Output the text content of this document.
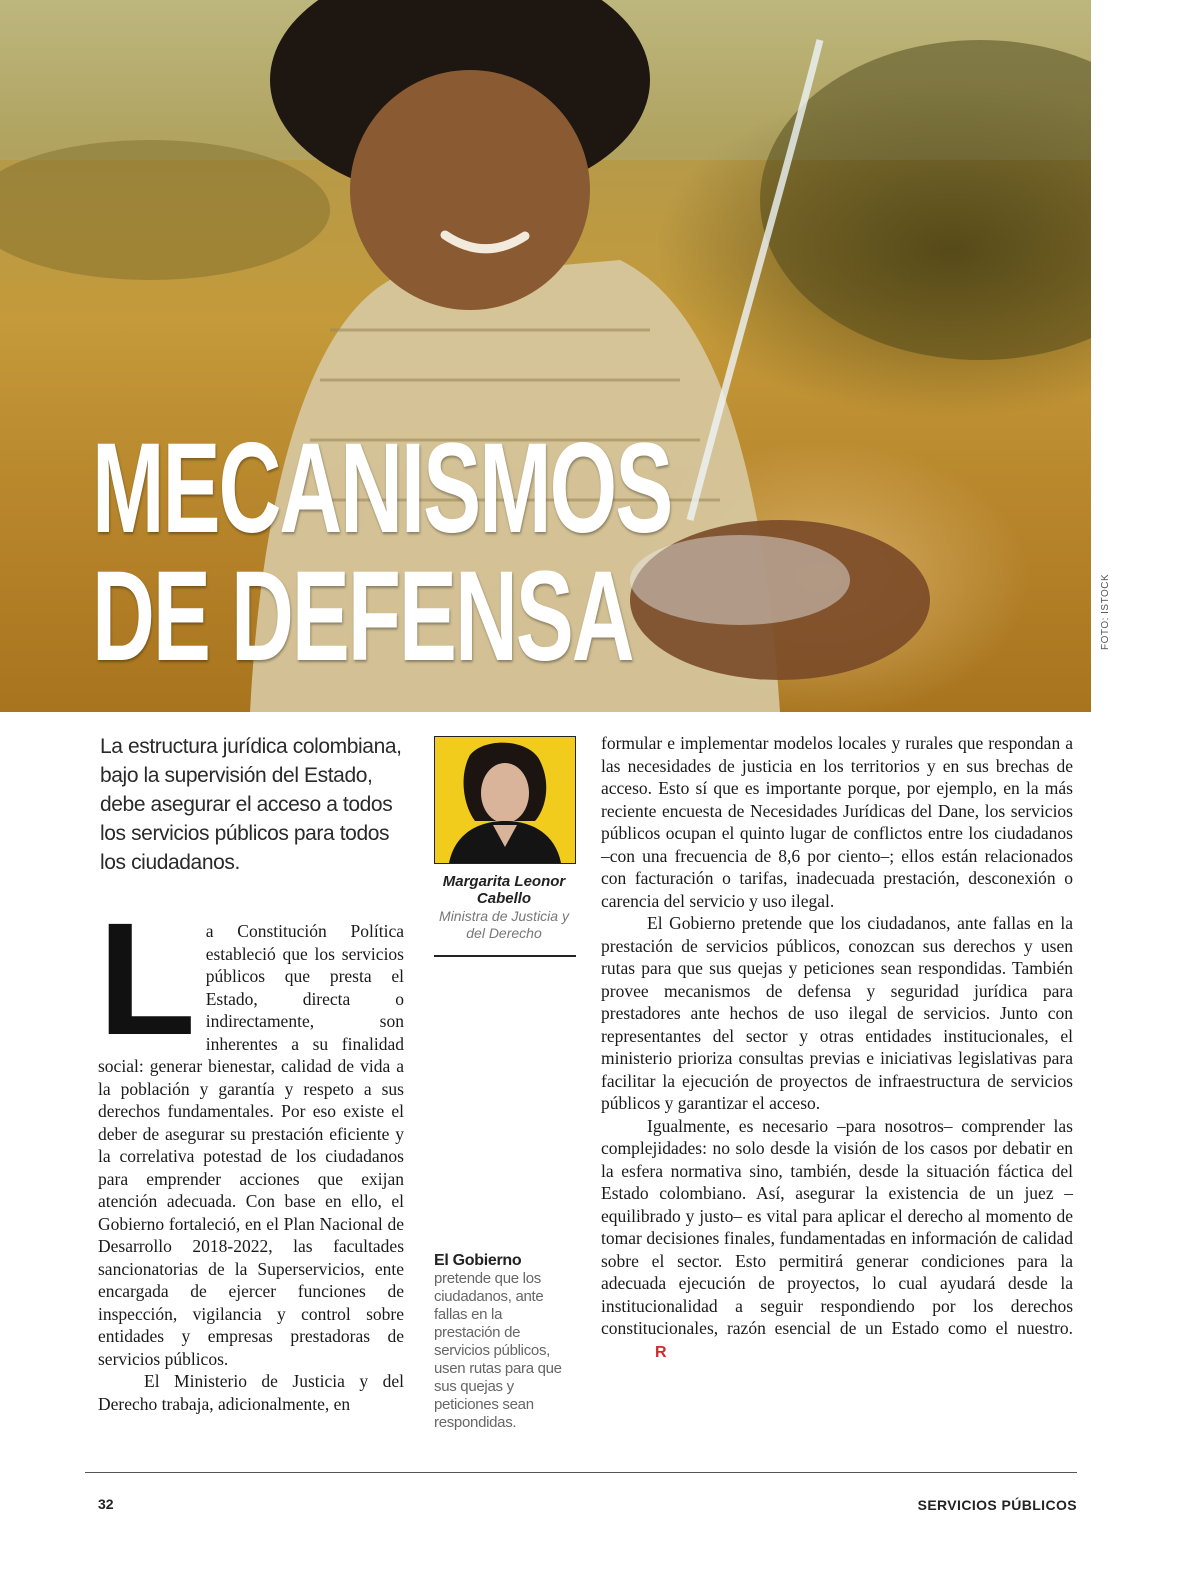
MECANISMOS
DE DEFENSA	FOTO: ISTOCK

La estructura jurídica colombiana, bajo la supervisión del Estado, debe asegurar el acceso a todos los servicios públicos para todos los ciudadanos.

Margarita Leonor Cabello
Ministra de Justicia y del Derecho
L a Constitución Política estableció que los servicios públicos que presta el Estado, directa o indirectamente, son inherentes a su finalidad social: generar bienestar, calidad de vida a la población y garantía y respeto a sus derechos fundamentales. Por eso existe el deber de asegurar su prestación eficiente y la correlativa potestad de los ciudadanos para emprender acciones que exijan atención adecuada. Con base en ello, el Gobierno fortaleció, en el Plan Nacional de Desarrollo 2018-2022, las facultades sancionatorias de la Superservicios, ente encargada de ejercer funciones de inspección, vigilancia y control sobre entidades y empresas prestadoras de servicios públicos.

El Ministerio de Justicia y del Derecho trabaja, adicionalmente, en

El Gobierno
pretende que los ciudadanos, ante fallas en la prestación de servicios públicos, usen rutas para que sus quejas y peticiones sean respondidas.

formular e implementar modelos locales y rurales que respondan a las necesidades de justicia en los territorios y en sus brechas de acceso. Esto sí que es importante porque, por ejemplo, en la más reciente encuesta de Necesidades Jurídicas del Dane, los servicios públicos ocupan el quinto lugar de conflictos entre los ciudadanos –con una frecuencia de 8,6 por ciento–; ellos están relacionados con facturación o tarifas, inadecuada prestación, desconexión o carencia del servicio y uso ilegal.

El Gobierno pretende que los ciudadanos, ante fallas en la prestación de servicios públicos, conozcan sus derechos y usen rutas para que sus quejas y peticiones sean respondidas. También provee mecanismos de defensa y seguridad jurídica para prestadores ante hechos de uso ilegal de servicios. Junto con representantes del sector y otras entidades institucionales, el ministerio prioriza consultas previas e iniciativas legislativas para facilitar la ejecución de proyectos de infraestructura de servicios públicos y garantizar el acceso.

Igualmente, es necesario –para nosotros– comprender las complejidades: no solo desde la visión de los casos por debatir en la esfera normativa sino, también, desde la situación fáctica del Estado colombiano. Así, asegurar la existencia de un juez –equilibrado y justo– es vital para aplicar el derecho al momento de tomar decisiones finales, fundamentadas en información de calidad sobre el sector. Esto permitirá generar condiciones para la adecuada ejecución de proyectos, lo cual ayudará desde la institucionalidad a seguir respondiendo por los derechos constitucionales, razón esencial de un Estado como el nuestro.R

32	SERVICIOS PÚBLICOS
